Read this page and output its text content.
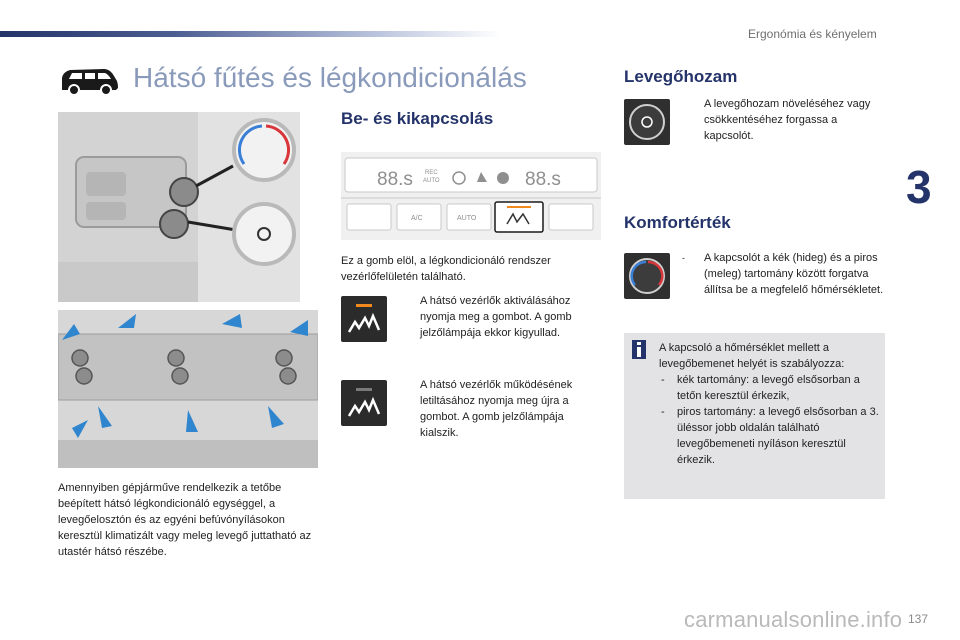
Ergonómia és kényelem
3
Hátsó fűtés és légkondicionálás
Amennyiben gépjárműve rendelkezik a tetőbe beépített hátsó légkondicionáló egységgel, a levegőelosztón és az egyéni befúvónyílásokon keresztül klimatizált vagy meleg levegő juttatható az utastér hátsó részébe.
Be- és kikapcsolás
88.s REC
AUTO	88.s
A/C	AUTO
Ez a gomb elöl, a légkondicionáló rendszer vezérlőfelületén található.
A hátsó vezérlők aktiválásához nyomja meg a gombot. A gomb jelzőlámpája ekkor kigyullad.
A hátsó vezérlők működésének letiltásához nyomja meg újra a gombot. A gomb jelzőlámpája kialszik.
Levegőhozam
A levegőhozam növeléséhez vagy csökkentéséhez forgassa a kapcsolót.
Komfortérték
- A kapcsolót a kék (hideg) és a piros (meleg) tartomány között forgatva állítsa be a megfelelő hőmérsékletet.
A kapcsoló a hőmérséklet mellett a levegőbemenet helyét is szabályozza:
- kék tartomány: a levegő elsősorban a tetőn keresztül érkezik,
- piros tartomány: a levegő elsősorban a 3. üléssor jobb oldalán található levegőbemeneti nyíláson keresztül érkezik.
carmanualsonline.info 137
